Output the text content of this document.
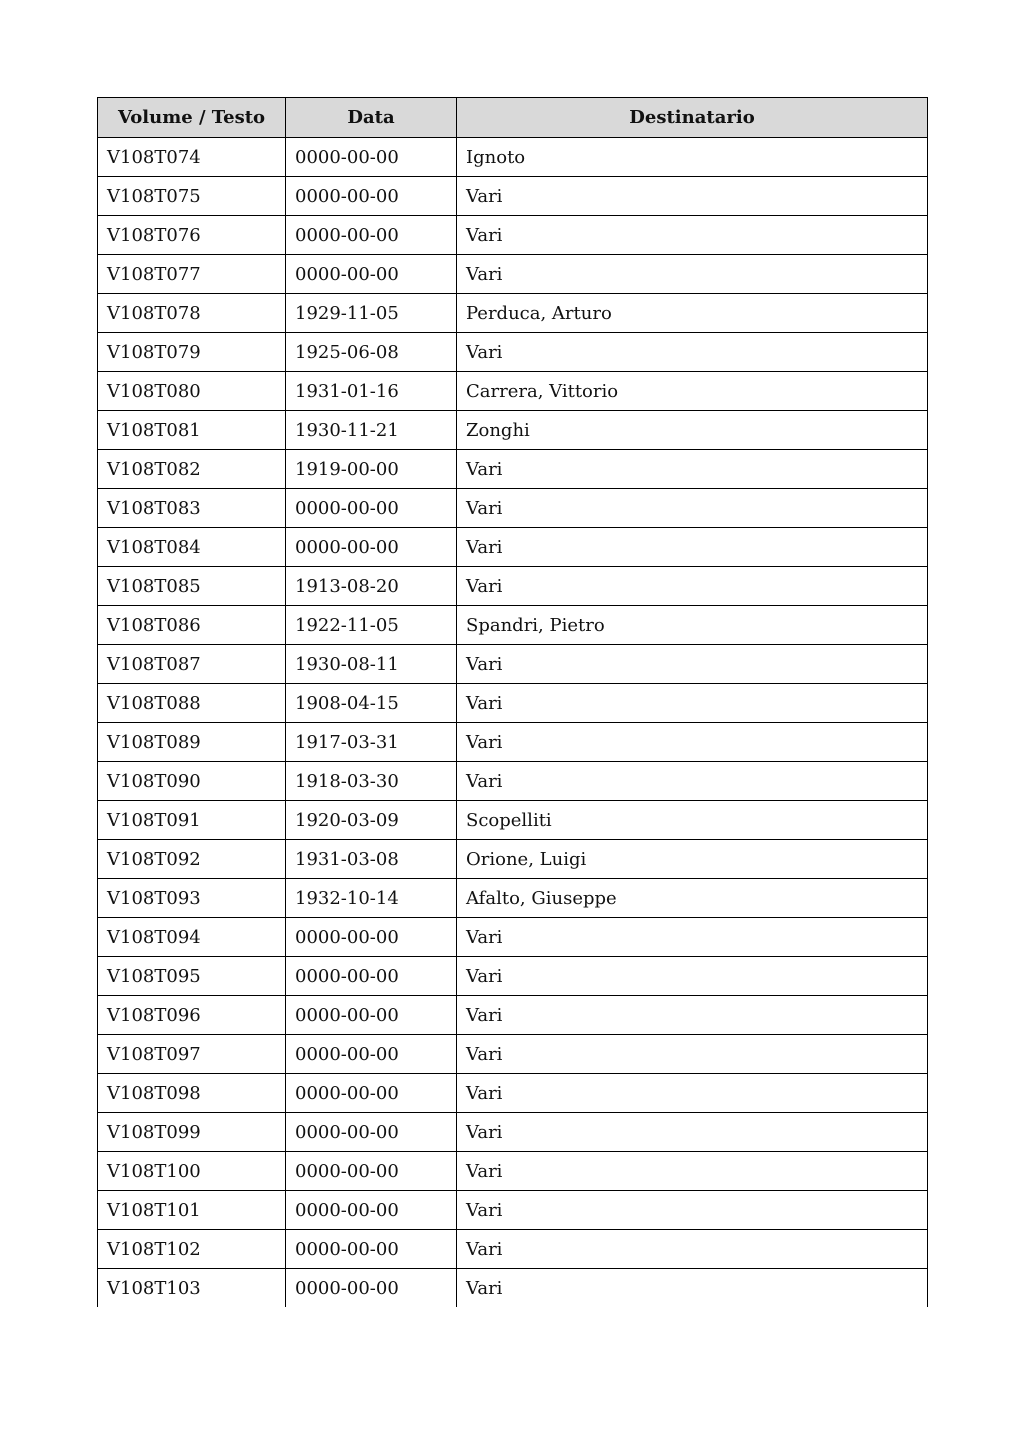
Volume / Testo	Data	Destinatario
V108T074	0000-00-00	Ignoto
V108T075	0000-00-00	Vari
V108T076	0000-00-00	Vari
V108T077	0000-00-00	Vari
V108T078	1929-11-05	Perduca, Arturo
V108T079	1925-06-08	Vari
V108T080	1931-01-16	Carrera, Vittorio
V108T081	1930-11-21	Zonghi
V108T082	1919-00-00	Vari
V108T083	0000-00-00	Vari
V108T084	0000-00-00	Vari
V108T085	1913-08-20	Vari
V108T086	1922-11-05	Spandri, Pietro
V108T087	1930-08-11	Vari
V108T088	1908-04-15	Vari
V108T089	1917-03-31	Vari
V108T090	1918-03-30	Vari
V108T091	1920-03-09	Scopelliti
V108T092	1931-03-08	Orione, Luigi
V108T093	1932-10-14	Afalto, Giuseppe
V108T094	0000-00-00	Vari
V108T095	0000-00-00	Vari
V108T096	0000-00-00	Vari
V108T097	0000-00-00	Vari
V108T098	0000-00-00	Vari
V108T099	0000-00-00	Vari
V108T100	0000-00-00	Vari
V108T101	0000-00-00	Vari
V108T102	0000-00-00	Vari
V108T103	0000-00-00	Vari
